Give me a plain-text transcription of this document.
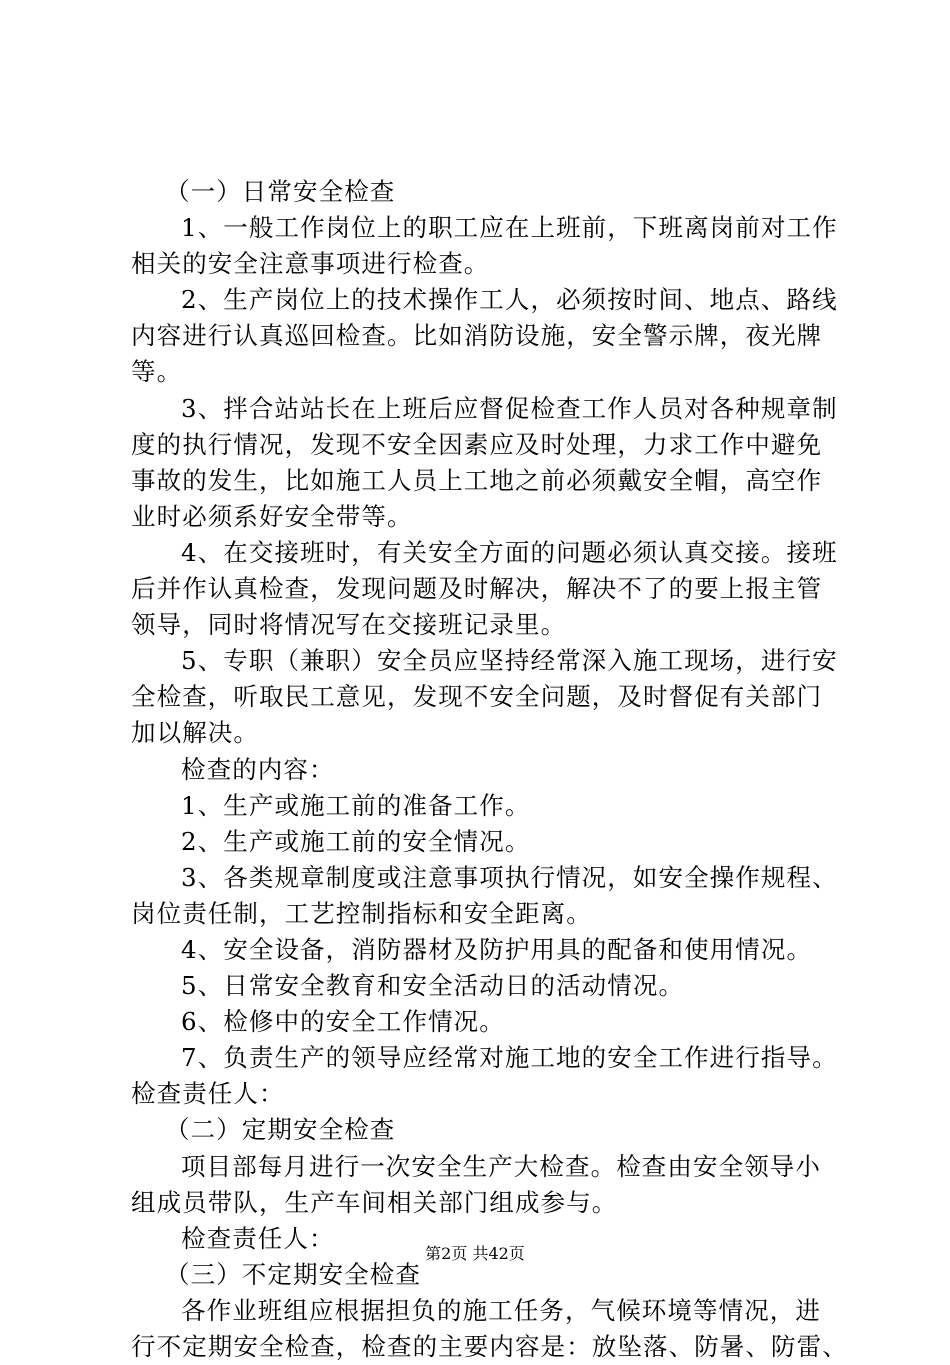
（一）日常安全检查
1、一般工作岗位上的职工应在上班前，下班离岗前对工作
相关的安全注意事项进行检查。
2、生产岗位上的技术操作工人，必须按时间、地点、路线
内容进行认真巡回检查。比如消防设施，安全警示牌，夜光牌
等。
3、拌合站站长在上班后应督促检查工作人员对各种规章制
度的执行情况，发现不安全因素应及时处理，力求工作中避免
事故的发生，比如施工人员上工地之前必须戴安全帽，高空作
业时必须系好安全带等。
4、在交接班时，有关安全方面的问题必须认真交接。接班
后并作认真检查，发现问题及时解决，解决不了的要上报主管
领导，同时将情况写在交接班记录里。
5、专职（兼职）安全员应坚持经常深入施工现场，进行安
全检查，听取民工意见，发现不安全问题，及时督促有关部门
加以解决。
检查的内容：
1、生产或施工前的准备工作。
2、生产或施工前的安全情况。
3、各类规章制度或注意事项执行情况，如安全操作规程、
岗位责任制，工艺控制指标和安全距离。
4、安全设备，消防器材及防护用具的配备和使用情况。
5、日常安全教育和安全活动日的活动情况。
6、检修中的安全工作情况。
7、负责生产的领导应经常对施工地的安全工作进行指导。
检查责任人：
（二）定期安全检查
项目部每月进行一次安全生产大检查。检查由安全领导小
组成员带队，生产车间相关部门组成参与。
检查责任人：
（三）不定期安全检查
各作业班组应根据担负的施工任务，气候环境等情况，进
行不定期安全检查，检查的主要内容是：放坠落、防暑、防雷、
第2页 共42页
